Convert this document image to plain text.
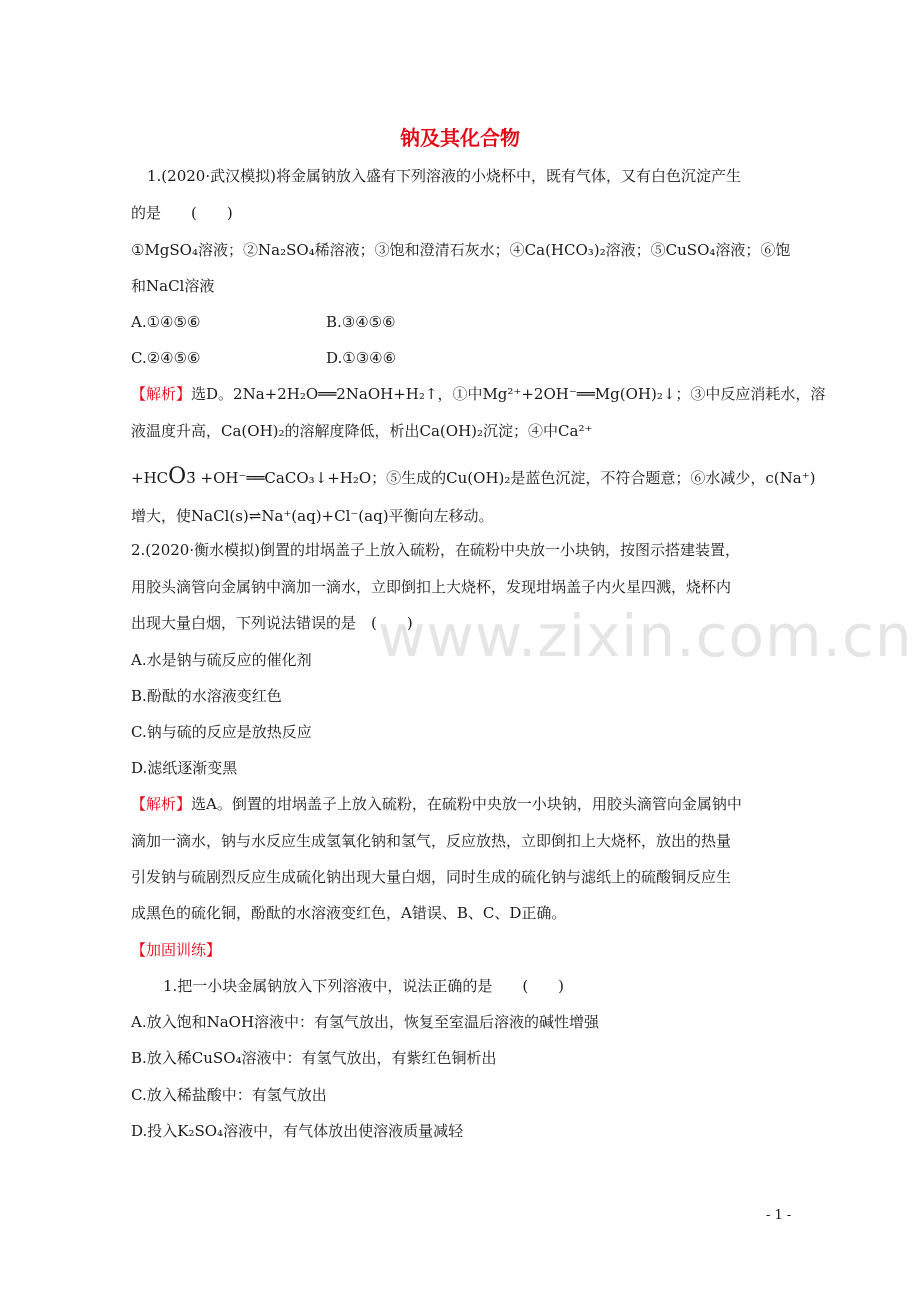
钠及其化合物
www.zixin.com.cn
1.(2020·武汉模拟)将金属钠放入盛有下列溶液的小烧杯中，既有气体，又有白色沉淀产生
的是　　(　　)
①MgSO₄溶液；②Na₂SO₄稀溶液；③饱和澄清石灰水；④Ca(HCO₃)₂溶液；⑤CuSO₄溶液；⑥饱
和NaCl溶液
A.①④⑤⑥	B.③④⑤⑥
C.②④⑤⑥	D.①③④⑥
【解析】选D。2Na+2H₂O══2NaOH+H₂↑，①中Mg²⁺+2OH⁻══Mg(OH)₂↓；③中反应消耗水，溶
液温度升高，Ca(OH)₂的溶解度降低，析出Ca(OH)₂沉淀；④中Ca²⁺
+HCO3̄ +OH⁻══CaCO₃↓+H₂O；⑤生成的Cu(OH)₂是蓝色沉淀，不符合题意；⑥水减少，c(Na⁺)
增大，使NaCl(s)⇌Na⁺(aq)+Cl⁻(aq)平衡向左移动。
2.(2020·衡水模拟)倒置的坩埚盖子上放入硫粉，在硫粉中央放一小块钠，按图示搭建装置，
用胶头滴管向金属钠中滴加一滴水，立即倒扣上大烧杯，发现坩埚盖子内火星四溅，烧杯内
出现大量白烟，下列说法错误的是　(　　)
A.水是钠与硫反应的催化剂
B.酚酞的水溶液变红色
C.钠与硫的反应是放热反应
D.滤纸逐渐变黑
【解析】选A。倒置的坩埚盖子上放入硫粉，在硫粉中央放一小块钠，用胶头滴管向金属钠中
滴加一滴水，钠与水反应生成氢氧化钠和氢气，反应放热，立即倒扣上大烧杯，放出的热量
引发钠与硫剧烈反应生成硫化钠出现大量白烟，同时生成的硫化钠与滤纸上的硫酸铜反应生
成黑色的硫化铜，酚酞的水溶液变红色，A错误、B、C、D正确。
【加固训练】
1.把一小块金属钠放入下列溶液中，说法正确的是　　(　　)
A.放入饱和NaOH溶液中：有氢气放出，恢复至室温后溶液的碱性增强
B.放入稀CuSO₄溶液中：有氢气放出，有紫红色铜析出
C.放入稀盐酸中：有氢气放出
D.投入K₂SO₄溶液中，有气体放出使溶液质量减轻
- 1 -
